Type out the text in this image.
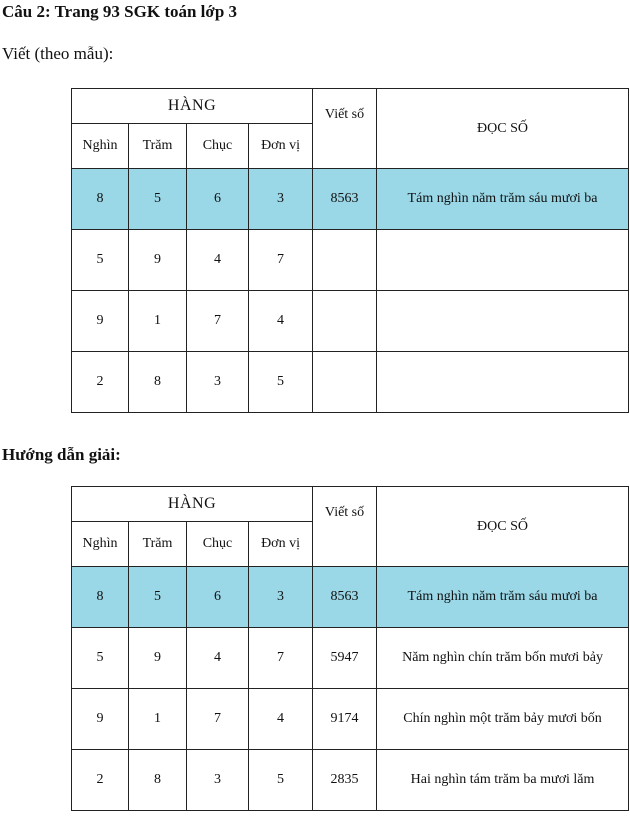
Câu 2: Trang 93 SGK toán lớp 3

Viết (theo mẫu):

HÀNG				Viết số	ĐỌC SỐ
Nghìn	Trăm	Chục	Đơn vị		
8	5	6	3	8563	Tám nghìn năm trăm sáu mươi ba
5	9	4	7		
9	1	7	4		
2	8	3	5		

Hướng dẫn giải:

HÀNG				Viết số	ĐỌC SỐ
Nghìn	Trăm	Chục	Đơn vị		
8	5	6	3	8563	Tám nghìn năm trăm sáu mươi ba
5	9	4	7	5947	Năm nghìn chín trăm bốn mươi bảy
9	1	7	4	9174	Chín nghìn một trăm bảy mươi bốn
2	8	3	5	2835	Hai nghìn tám trăm ba mươi lăm
